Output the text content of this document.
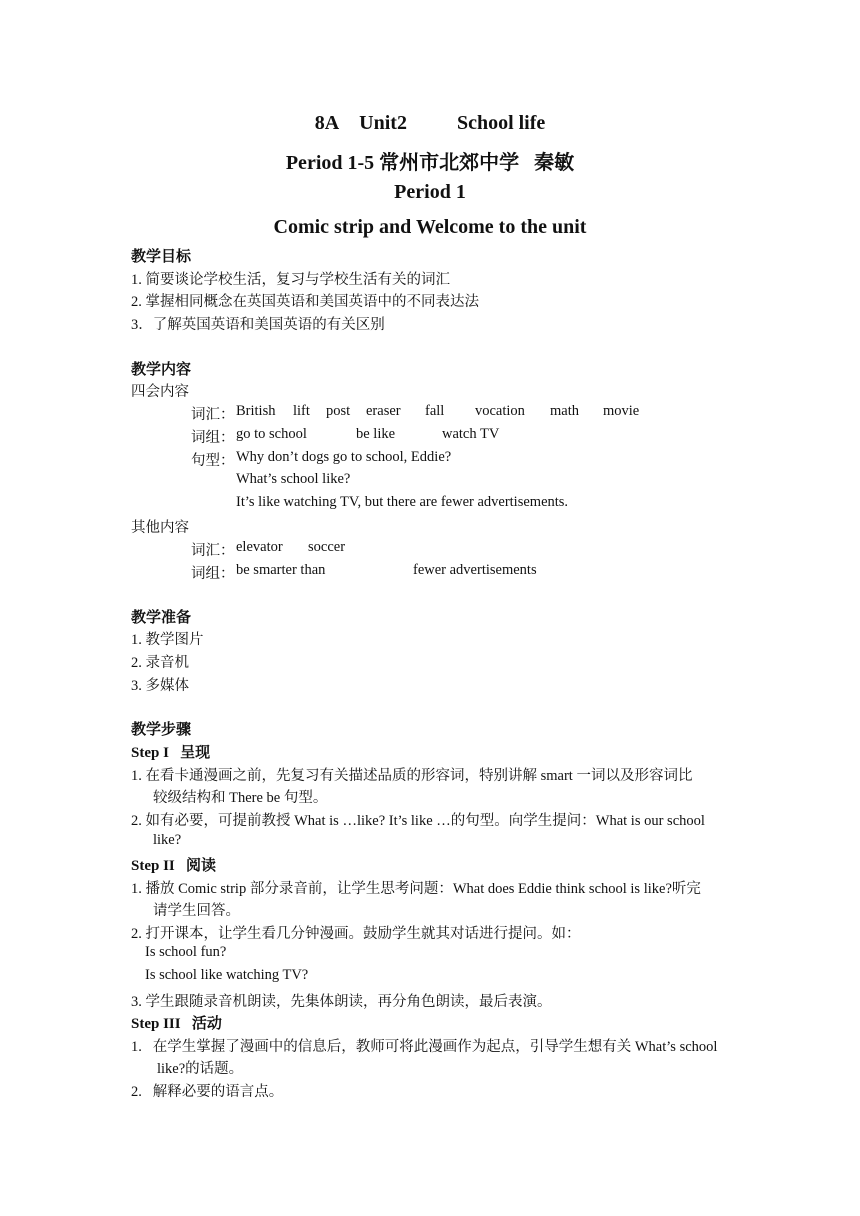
8A    Unit2          School life
Period 1-5 常州市北郊中学   秦敏
Period 1
Comic strip and Welcome to the unit
教学目标
1. 简要谈论学校生活，复习与学校生活有关的词汇
2. 掌握相同概念在英国英语和美国英语中的不同表达法
3．了解英国英语和美国英语的有关区别
教学内容
四会内容
词汇： British lift post eraser fall vocation math movie
词组： go to school	be like	watch TV
句型： Why don’t dogs go to school, Eddie?
What’s school like?
It’s like watching TV, but there are fewer advertisements.
其他内容
词汇： elevator soccer
词组： be smarter than	fewer advertisements
教学准备
1. 教学图片
2. 录音机
3. 多媒体
教学步骤
Step I   呈现
1. 在看卡通漫画之前，先复习有关描述品质的形容词，特别讲解 smart 一词以及形容词比
较级结构和 There be 句型。
2. 如有必要，可提前教授 What is …like? It’s like …的句型。向学生提问：What is our school
like?
Step II   阅读
1. 播放 Comic strip 部分录音前，让学生思考问题：What does Eddie think school is like?听完
请学生回答。
2. 打开课本，让学生看几分钟漫画。鼓励学生就其对话进行提问。如：
Is school fun?
Is school like watching TV?
3. 学生跟随录音机朗读，先集体朗读，再分角色朗读，最后表演。
Step III   活动
1.   在学生掌握了漫画中的信息后，教师可将此漫画作为起点，引导学生想有关 What’s school
like?的话题。
2.   解释必要的语言点。
